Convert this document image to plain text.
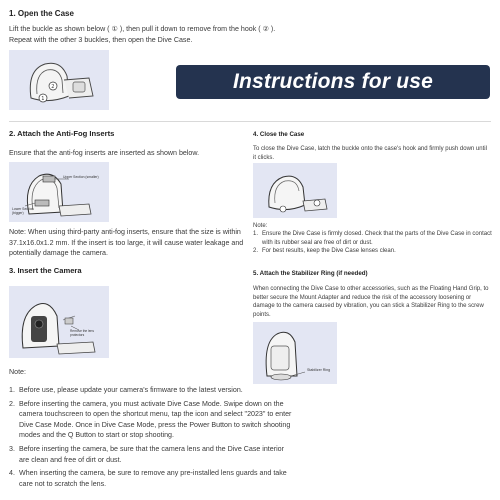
1. Open the Case
Lift the buckle as shown below ( ① ), then pull it down to remove from the hook ( ② ). Repeat with the other 3 buckles, then open the Dive Case.
1
2	Instructions for use
2. Attach the Anti-Fog Inserts
Ensure that the anti-fog inserts are inserted as shown below.
Upper Section (smaller)
Lower Section (bigger)
Note: When using third-party anti-fog inserts, ensure that the size is within 37.1x16.0x1.2 mm. If the insert is too large, it will cause water leakage and potentially damage the camera.
3. Insert the Camera
Remove the lens protectors
Note:
1. Before use, please update your camera's firmware to the latest version.
2. Before inserting the camera, you must activate Dive Case Mode. Swipe down on the camera touchscreen to open the shortcut menu, tap the icon and select "2023" to enter Dive Case Mode. Once in Dive Case Mode, press the Power Button to switch shooting modes and the Q Button to start or stop shooting.
3. Before inserting the camera, be sure that the camera lens and the Dive Case interior are clean and free of dirt or dust.
4. When inserting the camera, be sure to remove any pre-installed lens guards and take care not to scratch the lens.
4. Close the Case
To close the Dive Case, latch the buckle onto the case's hook and firmly push down until it clicks.
Note:
1. Ensure the Dive Case is firmly closed. Check that the parts of the Dive Case in contact with its rubber seal are free of dirt or dust.
2. For best results, keep the Dive Case lenses clean.
5. Attach the Stabilizer Ring (if needed)
When connecting the Dive Case to other accessories, such as the Floating Hand Grip, to better secure the Mount Adapter and reduce the risk of the accessory loosening or damage to the camera caused by vibration, you can stick a Stabilizer Ring to the screw points.
Stabilizer Ring
